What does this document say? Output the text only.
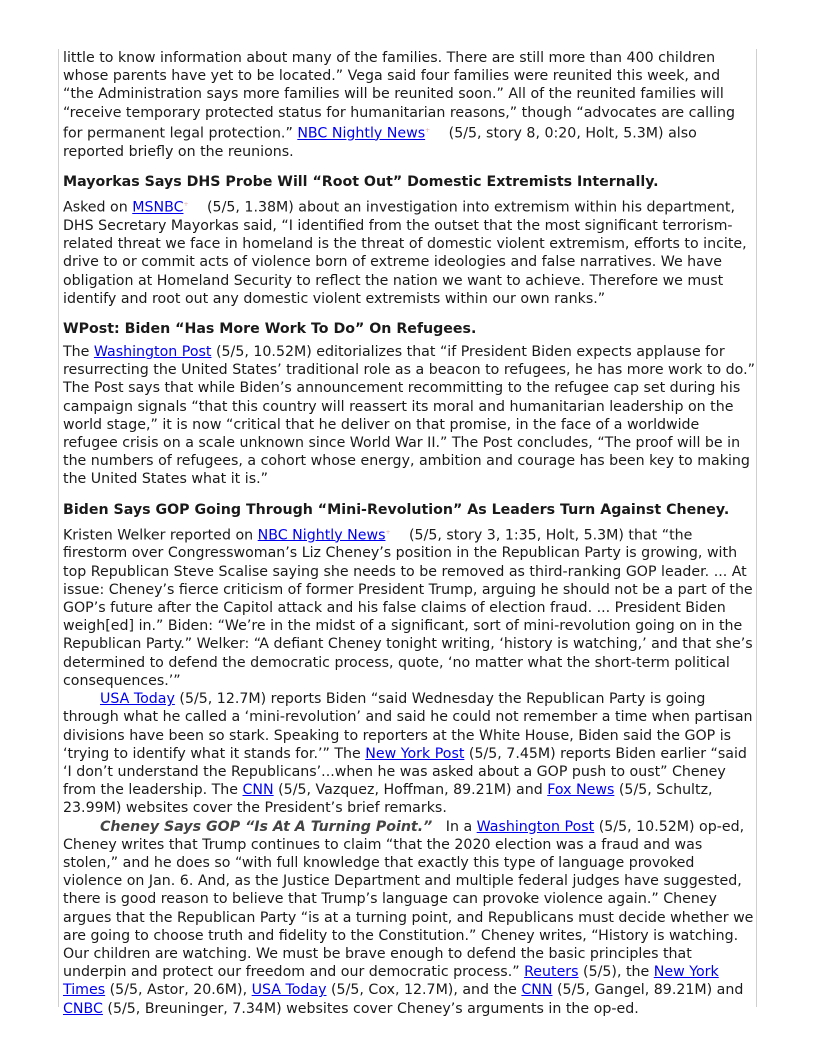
little to know information about many of the families. There are still more than 400 children whose parents have yet to be located.” Vega said four families were reunited this week, and “the Administration says more families will be reunited soon.” All of the reunited families will “receive temporary protected status for humanitarian reasons,” though “advocates are calling for permanent legal protection.” NBC Nightly News+ (5/5, story 8, 0:20, Holt, 5.3M) also reported briefly on the reunions.

Mayorkas Says DHS Probe Will “Root Out” Domestic Extremists Internally.

Asked on MSNBC+ (5/5, 1.38M) about an investigation into extremism within his department, DHS Secretary Mayorkas said, “I identified from the outset that the most significant terrorism-related threat we face in homeland is the threat of domestic violent extremism, efforts to incite, drive to or commit acts of violence born of extreme ideologies and false narratives. We have obligation at Homeland Security to reflect the nation we want to achieve. Therefore we must identify and root out any domestic violent extremists within our own ranks.”

WPost: Biden “Has More Work To Do” On Refugees.

The Washington Post (5/5, 10.52M) editorializes that “if President Biden expects applause for resurrecting the United States’ traditional role as a beacon to refugees, he has more work to do.” The Post says that while Biden’s announcement recommitting to the refugee cap set during his campaign signals “that this country will reassert its moral and humanitarian leadership on the world stage,” it is now “critical that he deliver on that promise, in the face of a worldwide refugee crisis on a scale unknown since World War II.” The Post concludes, “The proof will be in the numbers of refugees, a cohort whose energy, ambition and courage has been key to making the United States what it is.”

Biden Says GOP Going Through “Mini-Revolution” As Leaders Turn Against Cheney.

Kristen Welker reported on NBC Nightly News+ (5/5, story 3, 1:35, Holt, 5.3M) that “the firestorm over Congresswoman’s Liz Cheney’s position in the Republican Party is growing, with top Republican Steve Scalise saying she needs to be removed as third-ranking GOP leader. ... At issue: Cheney’s fierce criticism of former President Trump, arguing he should not be a part of the GOP’s future after the Capitol attack and his false claims of election fraud. ... President Biden weigh[ed] in.” Biden: “We’re in the midst of a significant, sort of mini-revolution going on in the Republican Party.” Welker: “A defiant Cheney tonight writing, ‘history is watching,’ and that she’s determined to defend the democratic process, quote, ‘no matter what the short-term political consequences.’”

USA Today (5/5, 12.7M) reports Biden “said Wednesday the Republican Party is going through what he called a ‘mini-revolution’ and said he could not remember a time when partisan divisions have been so stark. Speaking to reporters at the White House, Biden said the GOP is ‘trying to identify what it stands for.’” The New York Post (5/5, 7.45M) reports Biden earlier “said ‘I don’t understand the Republicans’...when he was asked about a GOP push to oust” Cheney from the leadership. The CNN (5/5, Vazquez, Hoffman, 89.21M) and Fox News (5/5, Schultz, 23.99M) websites cover the President’s brief remarks.

Cheney Says GOP “Is At A Turning Point.”   In a Washington Post (5/5, 10.52M) op-ed, Cheney writes that Trump continues to claim “that the 2020 election was a fraud and was stolen,” and he does so “with full knowledge that exactly this type of language provoked violence on Jan. 6. And, as the Justice Department and multiple federal judges have suggested, there is good reason to believe that Trump’s language can provoke violence again.” Cheney argues that the Republican Party “is at a turning point, and Republicans must decide whether we are going to choose truth and fidelity to the Constitution.” Cheney writes, “History is watching. Our children are watching. We must be brave enough to defend the basic principles that underpin and protect our freedom and our democratic process.” Reuters (5/5), the New York Times (5/5, Astor, 20.6M), USA Today (5/5, Cox, 12.7M), and the CNN (5/5, Gangel, 89.21M) and CNBC (5/5, Breuninger, 7.34M) websites cover Cheney’s arguments in the op-ed.
